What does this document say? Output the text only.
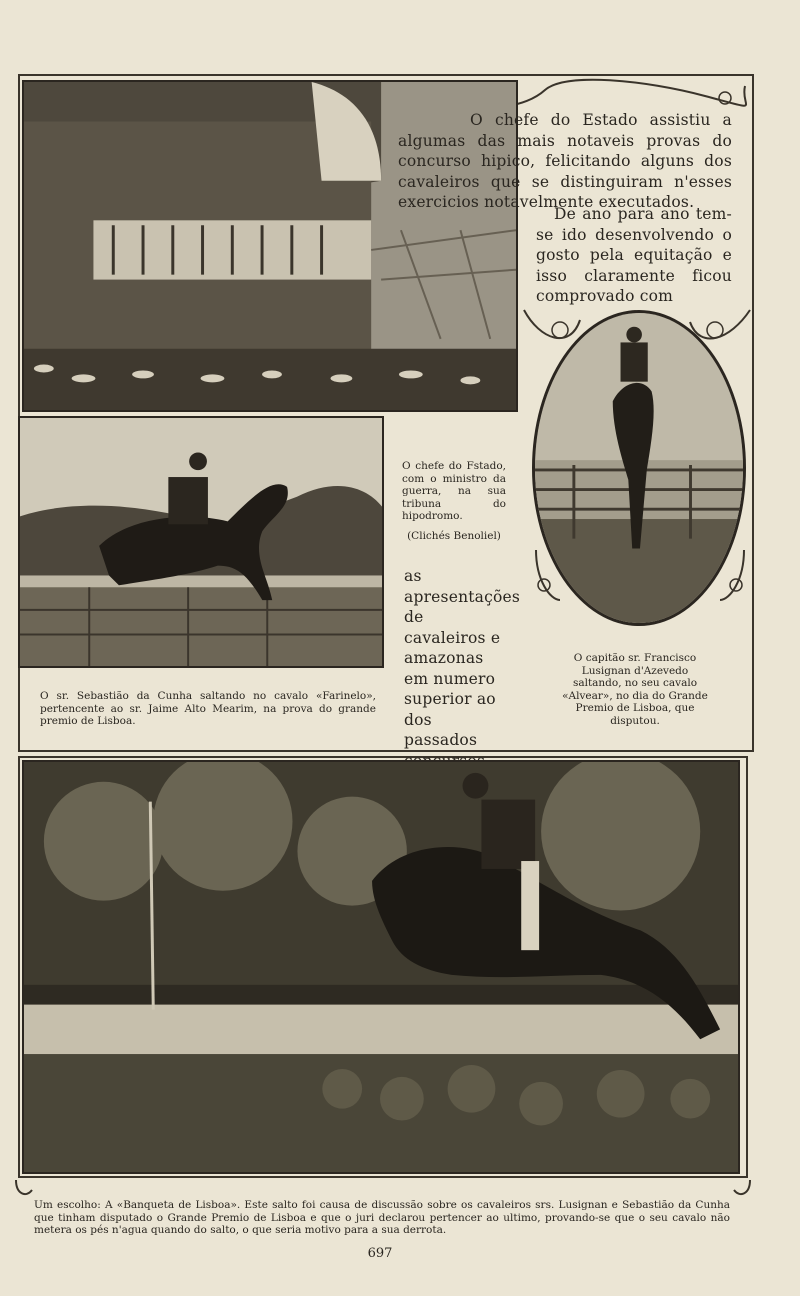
O chefe do Estado assistiu a algumas das mais notaveis provas do concurso hipico, felicitando alguns dos cavaleiros que se distinguiram n'esses exercicios notavelmente executados.

De ano para ano tem-se ido desenvolvendo o gosto pela equitação e isso claramente ficou comprovado com

O chefe do Fstado, com o ministro da guerra, na sua tribuna do hipodromo.

(Clichés Benoliel)

as apresentações de cavaleiros e amazonas em numero superior ao dos passados

O sr. Sebastião da Cunha saltando no cavalo «Farinelo», pertencente ao sr. Jaime Alto Mearim, na prova do grande premio de Lisboa.

O capitão sr. Francisco Lusignan d'Azevedo saltando, no seu cavalo «Alvear», no dia do Grande Premio de Lisboa, que disputou.

Um escolho: A «Banqueta de Lisboa». Este salto foi causa de discussão sobre os cavaleiros srs. Lusignan e Sebastião da Cunha que tinham disputado o Grande Premio de Lisboa e que o juri declarou pertencer ao ultimo, provando-se que o seu cavalo não metera os pés n'agua quando do salto, o que seria motivo para a sua derrota.

697
